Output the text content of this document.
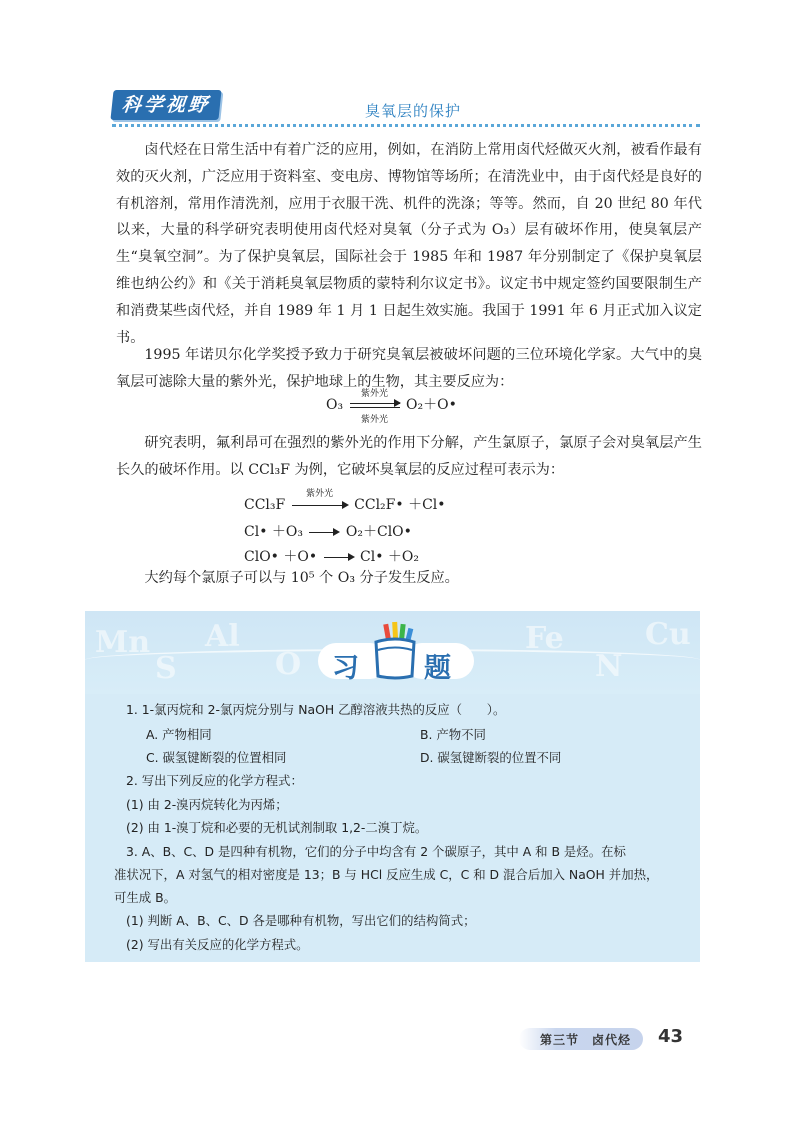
科学视野	臭氧层的保护

卤代烃在日常生活中有着广泛的应用，例如，在消防上常用卤代烃做灭火剂，被看作最有效的灭火剂，广泛应用于资料室、变电房、博物馆等场所；在清洗业中，由于卤代烃是良好的有机溶剂，常用作清洗剂，应用于衣服干洗、机件的洗涤；等等。然而，自 20 世纪 80 年代以来，大量的科学研究表明使用卤代烃对臭氧（分子式为 O₃）层有破坏作用，使臭氧层产生“臭氧空洞”。为了保护臭氧层，国际社会于 1985 年和 1987 年分别制定了《保护臭氧层维也纳公约》和《关于消耗臭氧层物质的蒙特利尔议定书》。议定书中规定签约国要限制生产和消费某些卤代烃，并自 1989 年 1 月 1 日起生效实施。我国于 1991 年 6 月正式加入议定书。

1995 年诺贝尔化学奖授予致力于研究臭氧层被破坏问题的三位环境化学家。大气中的臭氧层可滤除大量的紫外光，保护地球上的生物，其主要反应为：

O₃
紫外光
紫外光
O₂＋O•

研究表明，氟利昂可在强烈的紫外光的作用下分解，产生氯原子，氯原子会对臭氧层产生长久的破坏作用。以 CCl₃F 为例，它破坏臭氧层的反应过程可表示为：

CCl₃F
紫外光
CCl₂F• ＋Cl•
Cl• ＋O₃	O₂＋ClO•
ClO• ＋O•	Cl• ＋O₂

大约每个氯原子可以与 10⁵ 个 O₃ 分子发生反应。

Mn
S
Al
O
Fe
N
Cu
习 题
1. 1-氯丙烷和 2-氯丙烷分别与 NaOH 乙醇溶液共热的反应（　　）。
A. 产物相同	B. 产物不同
C. 碳氢键断裂的位置相同	D. 碳氢键断裂的位置不同
2. 写出下列反应的化学方程式：
(1) 由 2-溴丙烷转化为丙烯；
(2) 由 1-溴丁烷和必要的无机试剂制取 1,2-二溴丁烷。
3. A、B、C、D 是四种有机物，它们的分子中均含有 2 个碳原子，其中 A 和 B 是烃。在标
准状况下，A 对氢气的相对密度是 13；B 与 HCl 反应生成 C，C 和 D 混合后加入 NaOH 并加热，
可生成 B。
(1) 判断 A、B、C、D 各是哪种有机物，写出它们的结构简式；
(2) 写出有关反应的化学方程式。
第三节　卤代烃 43
